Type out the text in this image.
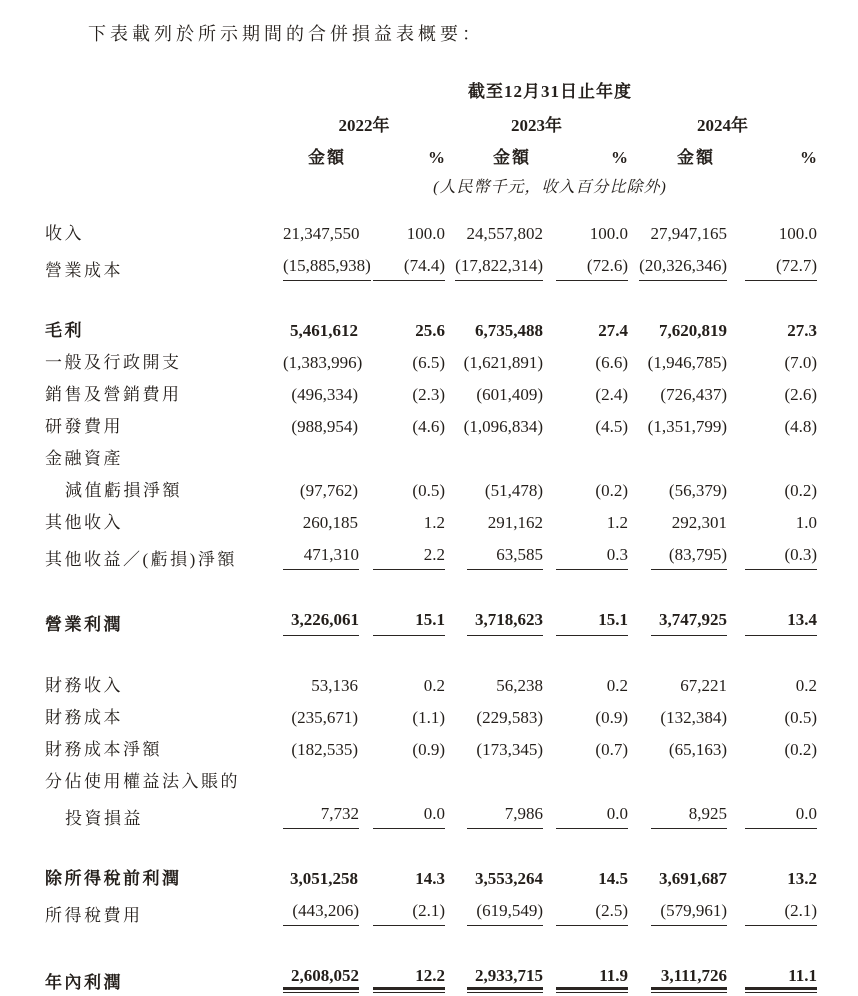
下表載列於所示期間的合併損益表概要：

	截至12月31日止年度					
	2022年		2023年		2024年	
	金額	%	金額	%	金額	%
	(人民幣千元，收入百分比除外)					
收入	21,347,550	100.0	24,557,802	100.0	27,947,165	100.0

營業成本	(15,885,938)	(74.4)	(17,822,314)	(72.6)	(20,326,346)	(72.7)

毛利	5,461,612	25.6	6,735,488	27.4	7,620,819	27.3

一般及行政開支	(1,383,996)	(6.5)	(1,621,891)	(6.6)	(1,946,785)	(7.0)

銷售及營銷費用	(496,334)	(2.3)	(601,409)	(2.4)	(726,437)	(2.6)

研發費用	(988,954)	(4.6)	(1,096,834)	(4.5)	(1,351,799)	(4.8)

金融資產						
減值虧損淨額	(97,762)	(0.5)	(51,478)	(0.2)	(56,379)	(0.2)

其他收入	260,185	1.2	291,162	1.2	292,301	1.0

其他收益／(虧損)淨額	471,310	2.2	63,585	0.3	(83,795)	(0.3)

營業利潤	3,226,061	15.1	3,718,623	15.1	3,747,925	13.4

財務收入	53,136	0.2	56,238	0.2	67,221	0.2

財務成本	(235,671)	(1.1)	(229,583)	(0.9)	(132,384)	(0.5)

財務成本淨額	(182,535)	(0.9)	(173,345)	(0.7)	(65,163)	(0.2)

分佔使用權益法入賬的						
投資損益	7,732	0.0	7,986	0.0	8,925	0.0

除所得稅前利潤	3,051,258	14.3	3,553,264	14.5	3,691,687	13.2

所得稅費用	(443,206)	(2.1)	(619,549)	(2.5)	(579,961)	(2.1)

年內利潤	2,608,052	12.2	2,933,715	11.9	3,111,726	11.1
